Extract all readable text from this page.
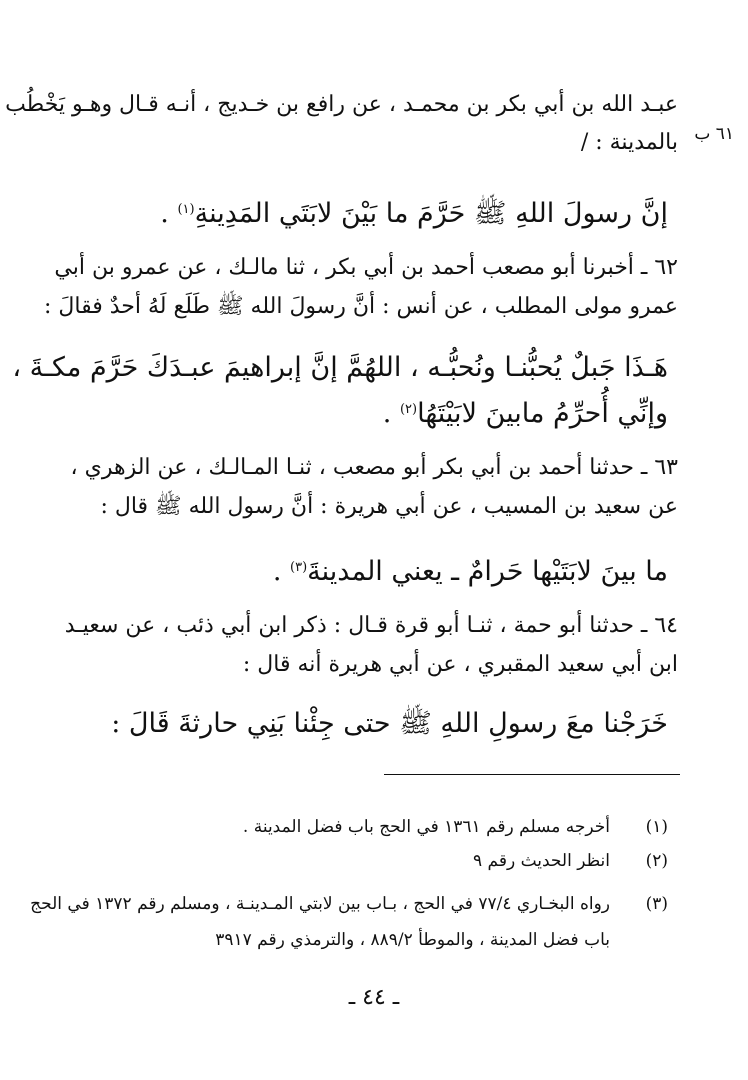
٦١ ب
عبـد الله بن أبي بكر بن محمـد ، عن رافع بن خـديج ، أنـه قـال وهـو يَخْطُب
بالمدينة : /
إنَّ رسولَ اللهِ ﷺ حَرَّمَ ما بَيْنَ لابَتَي المَدِينةِ$^{(١)}$ .
٦٢ ـ أخبرنا أبو مصعب أحمد بن أبي بكر ، ثنا مالـك ، عن عمرو بن أبي
عمرو مولى المطلب ، عن أنس : أنَّ رسولَ الله ﷺ طَلَع لَهُ أحدٌ فقالَ :
هَـذَا جَبلٌ يُحبُّنـا ونُحبُّـه ، اللهُمَّ إنَّ إبراهيمَ عبـدَكَ حَرَّمَ مكـةَ ،
وإنِّي أُحرِّمُ مابينَ لابَيْتَهُا$^{(٢)}$ .
٦٣ ـ حدثنا أحمد بن أبي بكر أبو مصعب ، ثنـا المـالـك ، عن الزهري ،
عن سعيد بن المسيب ، عن أبي هريرة : أنَّ رسول الله ﷺ قال :
ما بينَ لابَتَيْها حَرامٌ ـ يعني المدينةَ$^{(٣)}$ .
٦٤ ـ حدثنا أبو حمة ، ثنـا أبو قرة قـال : ذكر ابن أبي ذئب ، عن سعيـد
ابن أبي سعيد المقبري ، عن أبي هريرة أنه قال :
خَرَجْنا معَ رسولِ اللهِ ﷺ حتى جِئْنا بَنِي حارثةَ قَالَ :
(١)
أخرجه مسلم رقم ١٣٦١ في الحج باب فضل المدينة .
(٢)
انظر الحديث رقم ٩
(٣)
رواه البخـاري ٧٧/٤ في الحج ، بـاب بين لابتي المـدينـة ، ومسلم رقم ١٣٧٢ في الحج
باب فضل المدينة ، والموطأ ٨٨٩/٢ ، والترمذي رقم ٣٩١٧
ـ ٤٤ ـ
